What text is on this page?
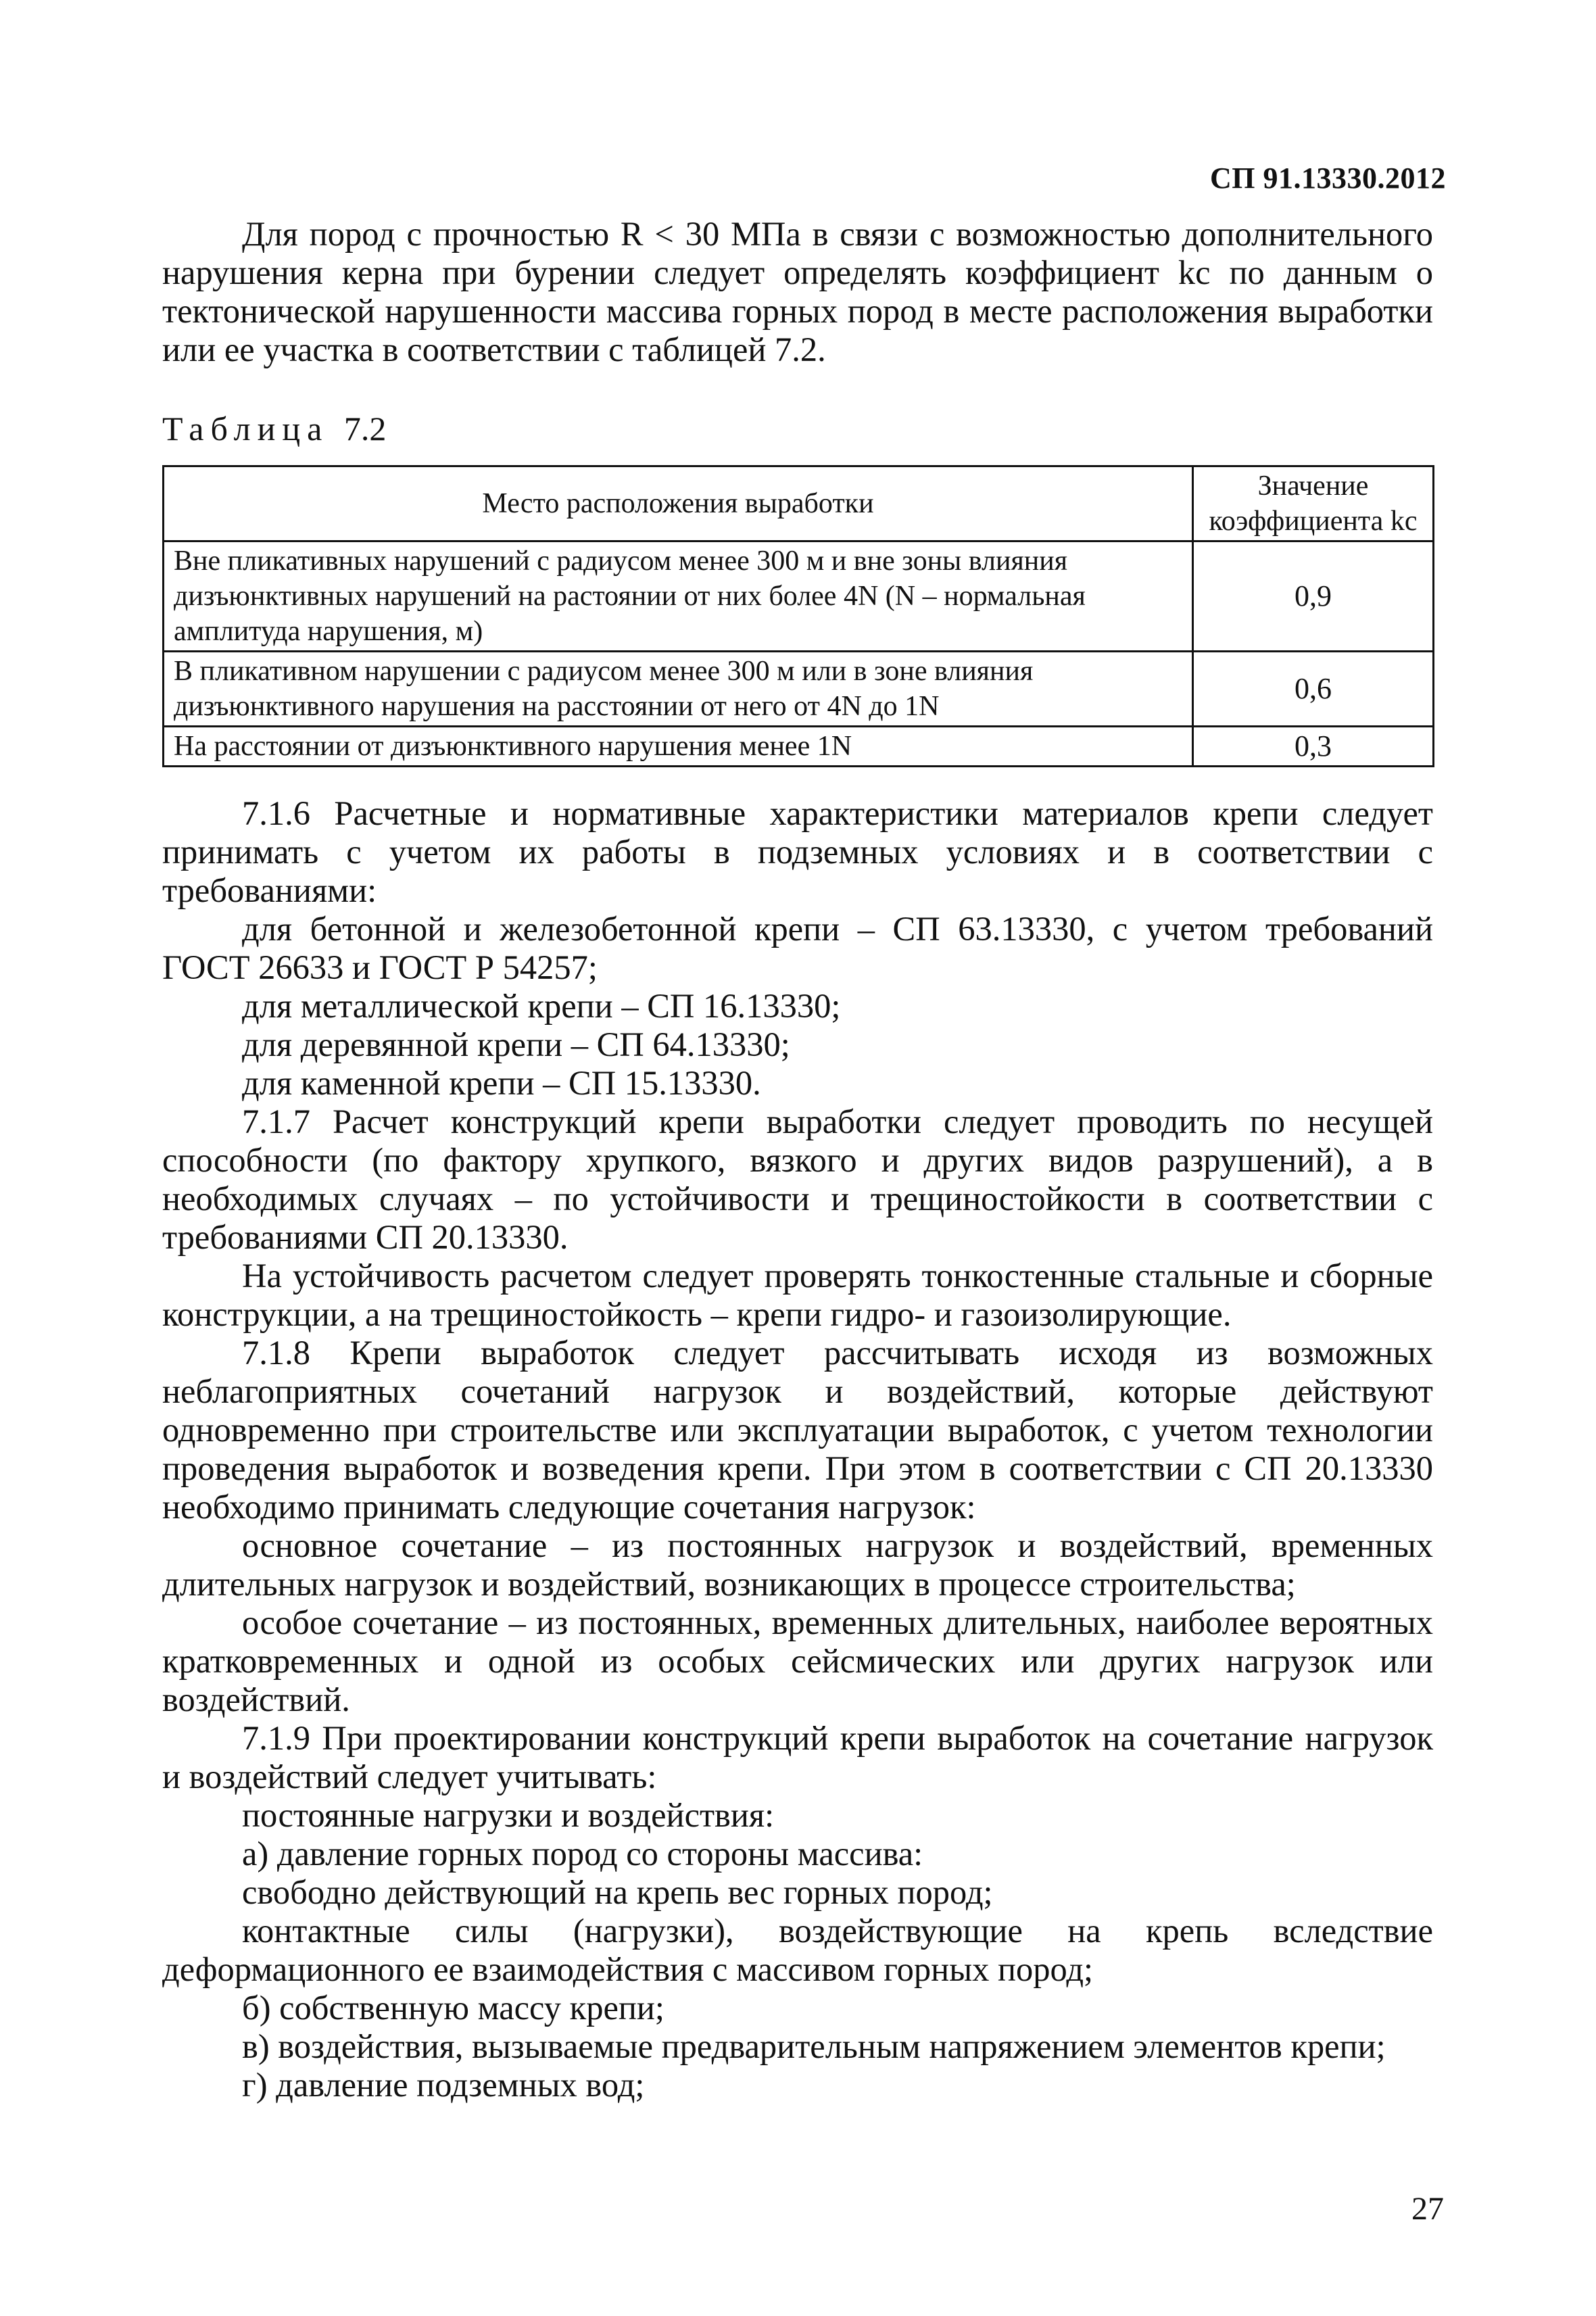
СП 91.13330.2012

Для пород с прочностью R < 30 МПа в связи с возможностью дополнительного нарушения керна при бурении следует определять коэффициент kc по данным о тектонической нарушенности массива горных пород в месте расположения выработки или ее участка в соответствии с таблицей 7.2.

Таблица 7.2
Место расположения выработки	Значение
коэффициента kc
Вне пликативных нарушений с радиусом менее 300 м и вне зоны влияния дизъюнктивных нарушений на растоянии от них более 4N (N – нормальная амплитуда нарушения, м)	0,9
В пликативном нарушении с радиусом менее 300 м или в зоне влияния дизъюнктивного нарушения на расстоянии от него от 4N до 1N	0,6
На расстоянии от дизъюнктивного нарушения менее 1N	0,3

7.1.6 Расчетные и нормативные характеристики материалов крепи следует принимать с учетом их работы в подземных условиях и в соответствии с требованиями:

для бетонной и железобетонной крепи – СП 63.13330, с учетом требований ГОСТ 26633 и ГОСТ Р 54257;

для металлической крепи – СП 16.13330;

для деревянной крепи – СП 64.13330;

для каменной крепи – СП 15.13330.

7.1.7 Расчет конструкций крепи выработки следует проводить по несущей способности (по фактору хрупкого, вязкого и других видов разрушений), а в необходимых случаях – по устойчивости и трещиностойкости в соответствии с требованиями СП 20.13330.

На устойчивость расчетом следует проверять тонкостенные стальные и сборные конструкции, а на трещиностойкость – крепи гидро- и газоизолирующие.

7.1.8 Крепи выработок следует рассчитывать исходя из возможных неблагоприятных сочетаний нагрузок и воздействий, которые действуют одновременно при строительстве или эксплуатации выработок, с учетом технологии проведения выработок и возведения крепи. При этом в соответствии с СП 20.13330 необходимо принимать следующие сочетания нагрузок:

основное сочетание – из постоянных нагрузок и воздействий, временных длительных нагрузок и воздействий, возникающих в процессе строительства;

особое сочетание – из постоянных, временных длительных, наиболее вероятных кратковременных и одной из особых сейсмических или других нагрузок или воздействий.

7.1.9 При проектировании конструкций крепи выработок на сочетание нагрузок и воздействий следует учитывать:

постоянные нагрузки и воздействия:

а) давление горных пород со стороны массива:

свободно действующий на крепь вес горных пород;

контактные силы (нагрузки), воздействующие на крепь вследствие деформационного ее взаимодействия с массивом горных пород;

б) собственную массу крепи;

в) воздействия, вызываемые предварительным напряжением элементов крепи;

г) давление подземных вод;

27
